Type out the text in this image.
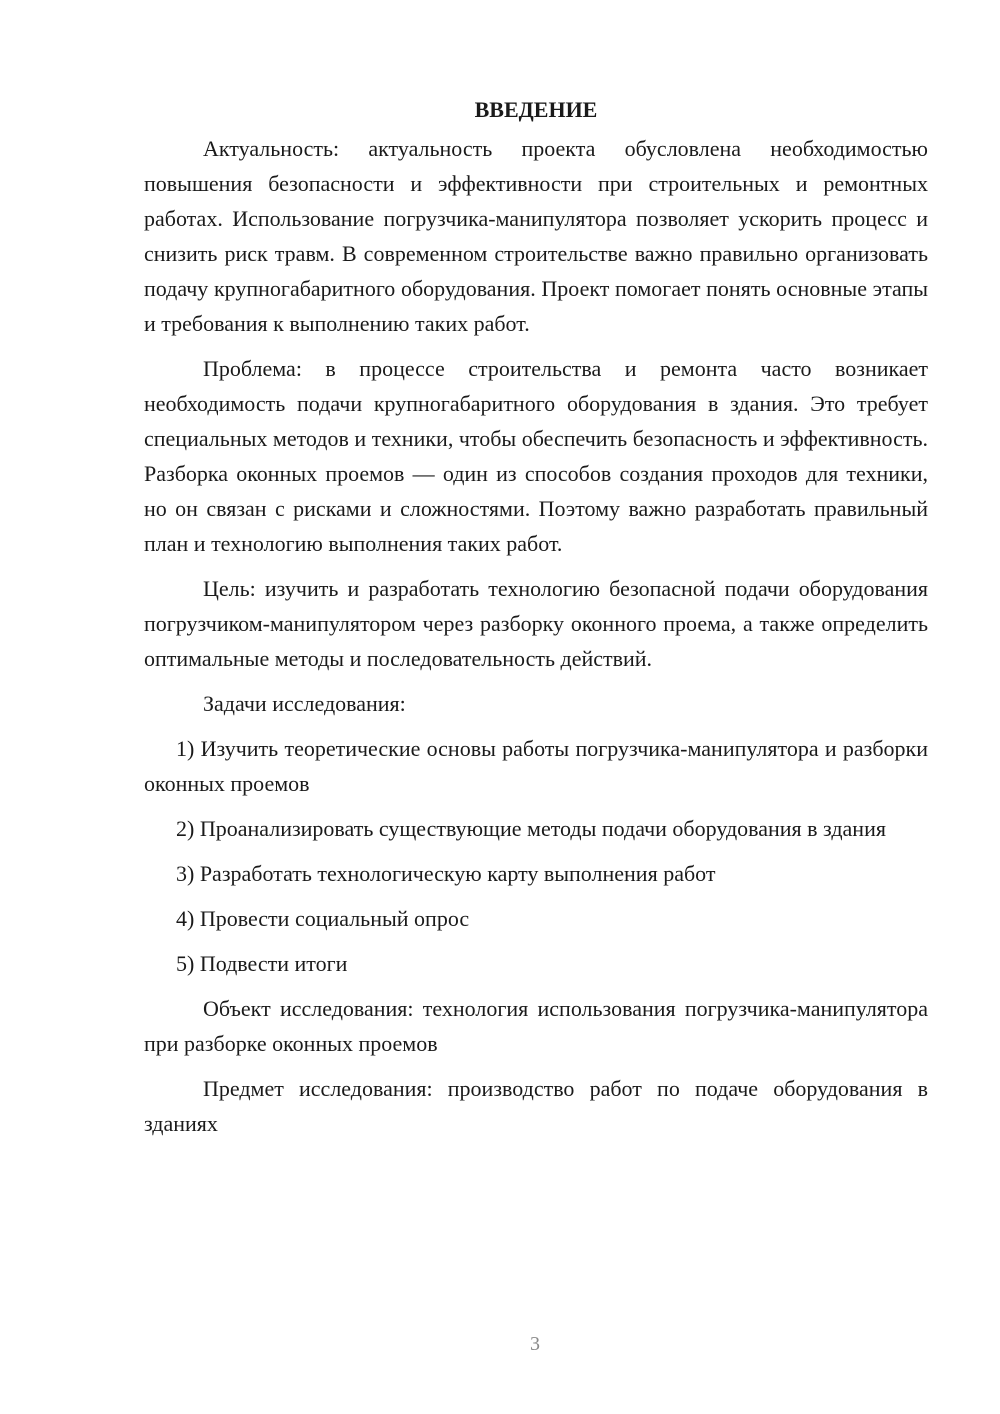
ВВЕДЕНИЕ

Актуальность: актуальность проекта обусловлена необходимостью повышения безопасности и эффективности при строительных и ремонтных работах. Использование погрузчика-манипулятора позволяет ускорить процесс и снизить риск травм. В современном строительстве важно правильно организовать подачу крупногабаритного оборудования. Проект помогает понять основные этапы и требования к выполнению таких работ.

Проблема: в процессе строительства и ремонта часто возникает необходимость подачи крупногабаритного оборудования в здания. Это требует специальных методов и техники, чтобы обеспечить безопасность и эффективность. Разборка оконных проемов — один из способов создания проходов для техники, но он связан с рисками и сложностями. Поэтому важно разработать правильный план и технологию выполнения таких работ.

Цель: изучить и разработать технологию безопасной подачи оборудования погрузчиком-манипулятором через разборку оконного проема, а также определить оптимальные методы и последовательность действий.

Задачи исследования:

1) Изучить теоретические основы работы погрузчика-манипулятора и разборки оконных проемов

2) Проанализировать существующие методы подачи оборудования в здания

3) Разработать технологическую карту выполнения работ

4) Провести социальный опрос

5) Подвести итоги

Объект исследования: технология использования погрузчика-манипулятора при разборке оконных проемов

Предмет исследования: производство работ по подаче оборудования в зданиях

3
